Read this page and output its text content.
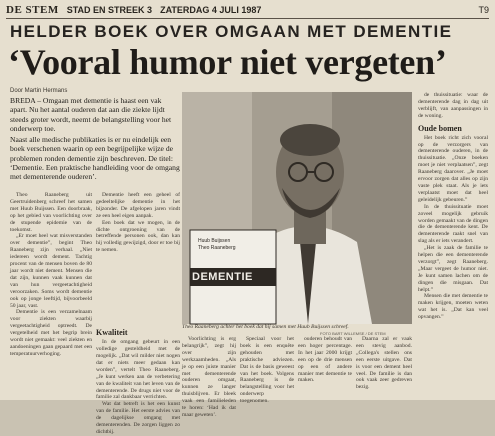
DE STEM STAD EN STREEK 3 ZATERDAG 4 JULI 1987	T9
HELDER BOEK OVER OMGAAN MET DEMENTIE
‘Vooral humor niet vergeten’
Door Martin Hermans

BREDA – Omgaan met dementie is haast een vak apart. Nu het aantal ouderen dat aan die ziekte lijdt steeds groter wordt, neemt de belangstelling voor het onderwerp toe.

Naast alle medische publikaties is er nu eindelijk een boek verschenen waarin op een begrijpelijke wijze de problemen ronden dementie zijn beschreven. De titel: ‘Dementie. Een praktische handleiding voor de omgang met dementerende ouderen’.

Theo Raaneberg uit Geertruidenberg schreef het samen met Huub Buijssen. Een doorbraak, op het gebied van voorlichting over de stupende epidemie van de toekomst.

„Er moet heel wat misverstanden over dementie”, begint Theo Raaneberg zijn verhaal. „Niet iedereen wordt dement. Tachtig procent van de mensen boven de 80 jaar wordt niet dement. Mensen die dat zijn, kunnen vaak kunnen dat van hun vergeetachtigheid veroorzaken. Soms wordt dementie ook op jonge leeftijd, bijvoorbeeld 50 jaar, vast.

Dementie is een verzamelnaam voor ziekten waarbij vergeetachtigheid optreedt. De vergetelheid met het begrip brein wordt niet gemaakt: veel ziekten en aandoeningen gaan gepaard met een temperatuurverhoging.

Dementie heeft een geheel of gedeeltelijke dementie in het bijzonder. De afgelopen jaren vindt ze een heel eigen aanpak.

Een boek dat we mogen, in de dichte ontgroening van de betreffende personen ook, dan kan hij volledig gewijzigd, door er toe bij te nemen.

Kwaliteit

In de omgang gebeurt in een volledige gesteldheid met de mogelijk. „Dat wil milder niet nogen dat er niets meer gedaan kan worden”, vertelt Theo Raaneberg. „Je kunt werken aan de verbetering van de kwaliteit van het leven van de dementerende. De drugs niet voor de familie zal dankbaar verrichten.

Wat dat betreft is het een kunst van de familie. Het eerste advies van de dagelijkse omgang met dementerenden. De zorgen liggen zo dichtbij.

Huub Buijssen
Theo Raaneberg
DEMENTIE
Theo Raaneberg achter het boek dat hij samen met Huub Buijssen schreef.
FOTO BART WILLEMSE / DE STEM

Voorlichting is erg belangrijk”, zegt hij over zijn werkzaamheden. „Als je op een juiste manier met dementerende ouderen omgaat, kunnen ze langer thuisblijven. Er bleek vaak een familieleden te horen: ‘Had ik dat maar geweten’.

Speciaal voor het boek is een enquête gehouden met praktische adviezen. Dat is de basis geweest van het boek. Volgens Raaneberg is de belangstelling voor het onderwerp toegenomen.

ouderen behoudt van een hoger percentage. In het jaar 2000 krijgt een op de drie mensen op een of andere manier met dementie te maken.

Daarna zal er vaak een stevig aanbod. „Collega's stellen ons een eerste uitgave. Dat is voor een dement heel veel. De familie is dan ook vaak zeer gedreven bezig.

de thuissituatie: waar de dementerende dag in dag uit verblijft, van aanpassingen in de woning.

Oude bomen

Het boek richt zich vooral op de verzorgers van dementerende ouderen, in de thuissituatie. „Onze boeken moet je niet verplaatsen”, zegt Raaneberg daarover. „Je moet ervoor zorgen dat alles op zijn vaste plek staat. Als je iets verplaatst moet dat heel geleidelijk gebeuren.”

In de thuissituatie moet zoveel mogelijk gebruik worden gemaakt van de dingen die de dementerende kent. De dementerende raakt snel van slag als er iets verandert.

„Het is zaak de familie te helpen die een dementerende verzorgt”, zegt Raaneberg. „Maar vergeet de humor niet. Je kunt samen lachen om de dingen die misgaan. Dat helpt.”

Mensen die met dementie te maken krijgen, moeten weten wat het is. „Dat kan veel opvangen.”
